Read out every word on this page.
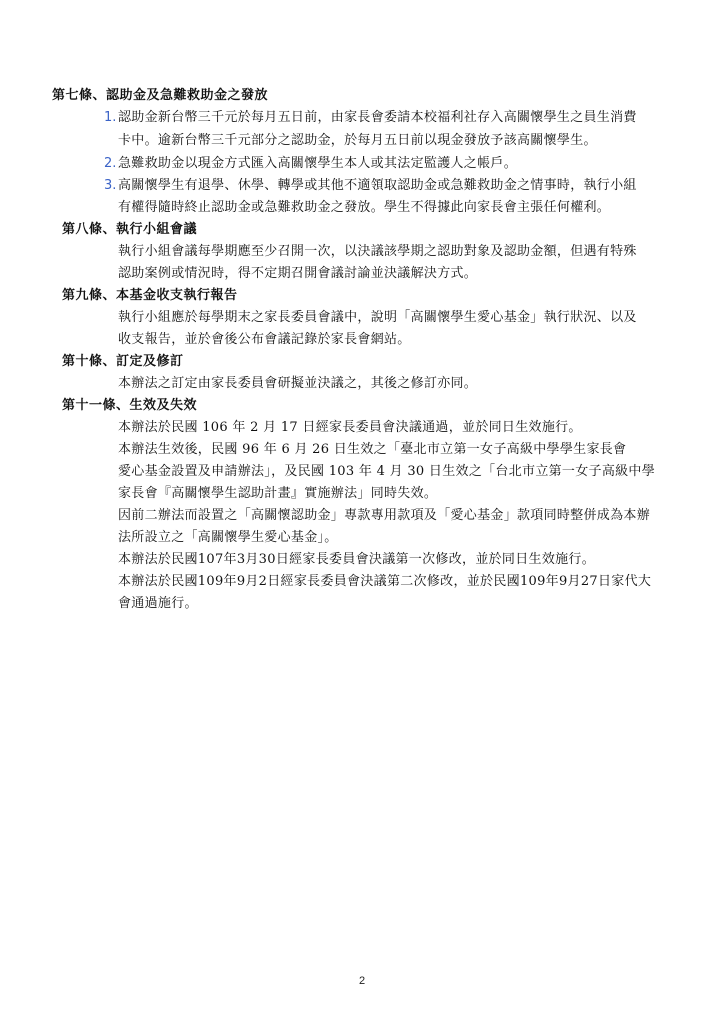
第七條、認助金及急難救助金之發放
1. 認助金新台幣三千元於每月五日前，由家長會委請本校福利社存入高關懷學生之員生消費
卡中。逾新台幣三千元部分之認助金，於每月五日前以現金發放予該高關懷學生。
2. 急難救助金以現金方式匯入高關懷學生本人或其法定監護人之帳戶。
3. 高關懷學生有退學、休學、轉學或其他不適領取認助金或急難救助金之情事時，執行小組
有權得隨時終止認助金或急難救助金之發放。學生不得據此向家長會主張任何權利。
第八條、執行小組會議
執行小組會議每學期應至少召開一次，以決議該學期之認助對象及認助金額，但遇有特殊
認助案例或情況時，得不定期召開會議討論並決議解決方式。
第九條、本基金收支執行報告
執行小組應於每學期末之家長委員會議中，說明「高關懷學生愛心基金」執行狀況、以及
收支報告，並於會後公布會議記錄於家長會網站。
第十條、訂定及修訂
本辦法之訂定由家長委員會研擬並決議之，其後之修訂亦同。
第十一條、生效及失效
本辦法於民國 106 年 2 月 17 日經家長委員會決議通過，並於同日生效施行。
本辦法生效後，民國 96 年 6 月 26 日生效之「臺北市立第一女子高級中學學生家長會
愛心基金設置及申請辦法」，及民國 103 年 4 月 30 日生效之「台北市立第一女子高級中學
家長會『高關懷學生認助計畫』實施辦法」同時失效。
因前二辦法而設置之「高關懷認助金」專款專用款項及「愛心基金」款項同時整併成為本辦
法所設立之「高關懷學生愛心基金」。
本辦法於民國107年3月30日經家長委員會決議第一次修改，並於同日生效施行。
本辦法於民國109年9月2日經家長委員會決議第二次修改，並於民國109年9月27日家代大
會通過施行。
2
